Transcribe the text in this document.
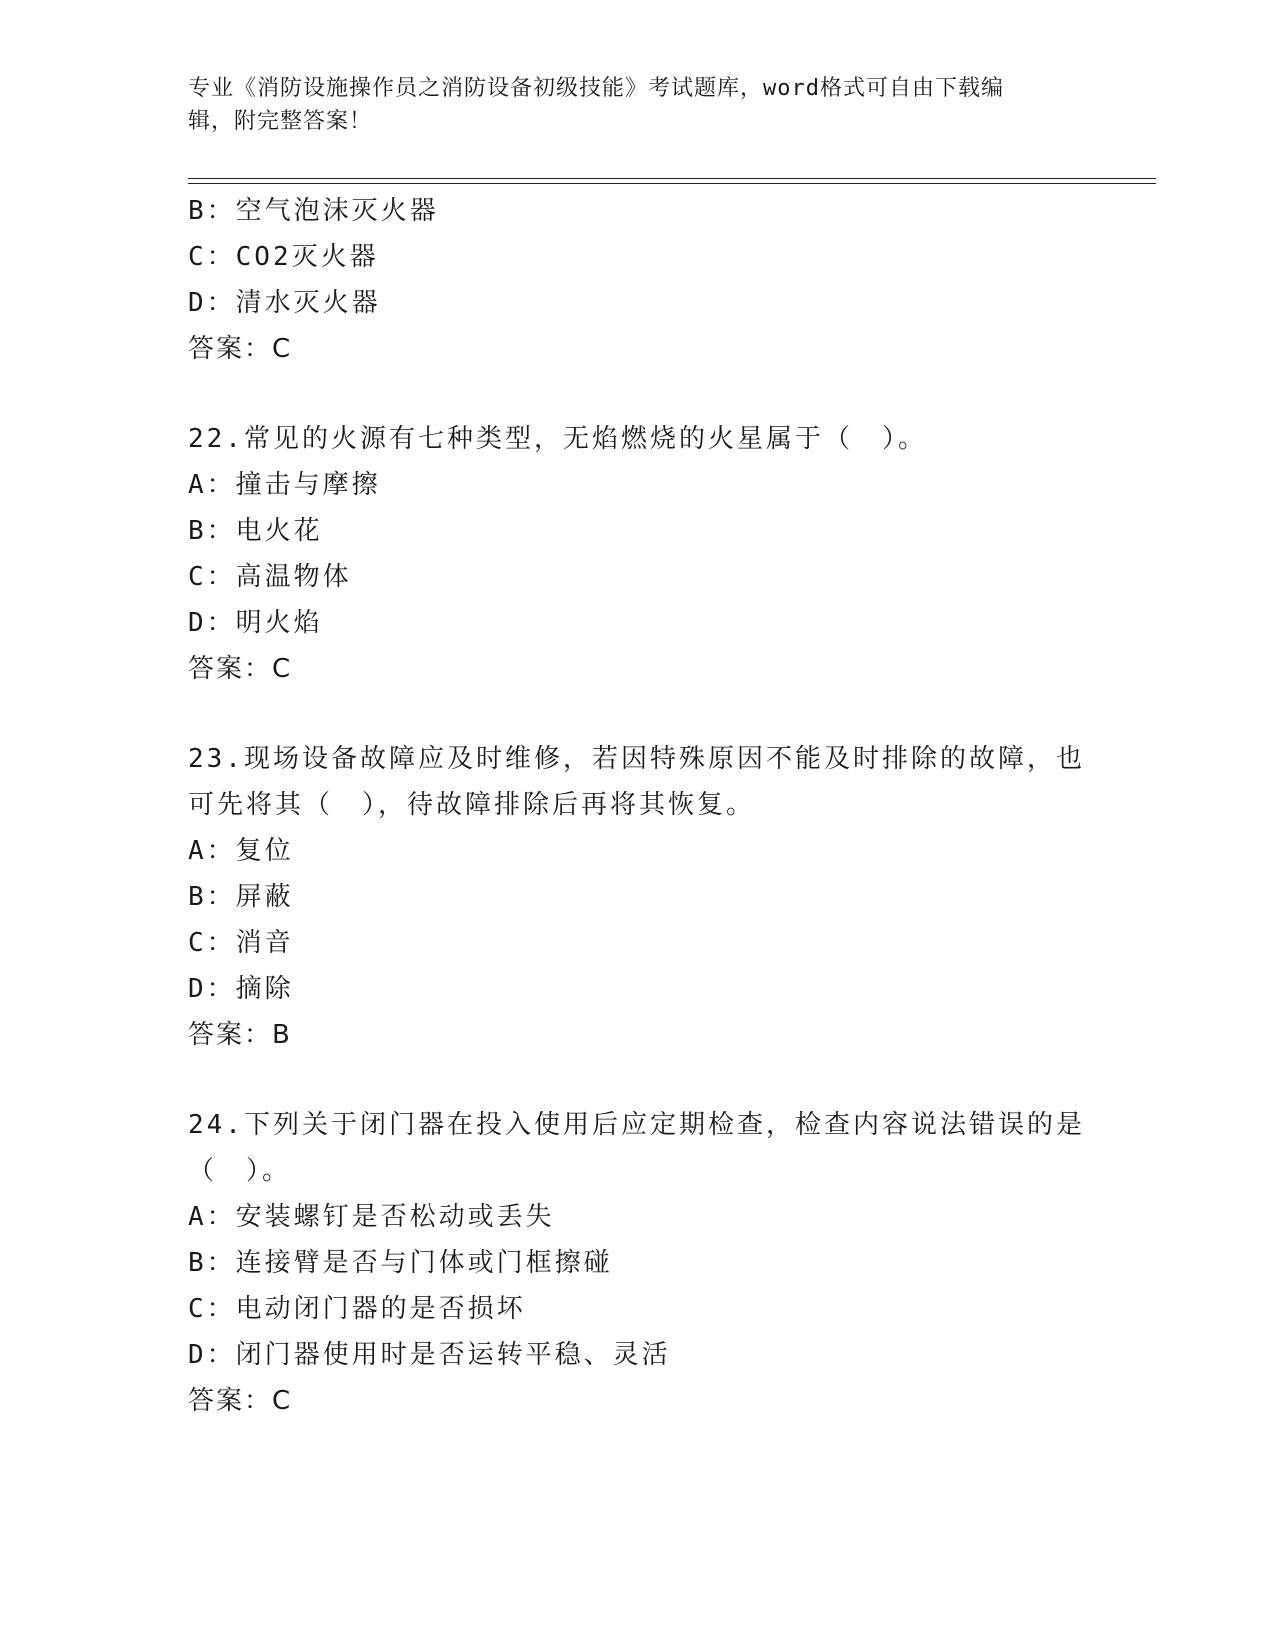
专业《消防设施操作员之消防设备初级技能》考试题库，word格式可自由下载编
辑，附完整答案！
B：空气泡沫灭火器
C：CO2灭火器
D：清水灭火器
答案：C
22.常见的火源有七种类型，无焰燃烧的火星属于（　）。
A：撞击与摩擦
B：电火花
C：高温物体
D：明火焰
答案：C
23.现场设备故障应及时维修，若因特殊原因不能及时排除的故障，也
可先将其（　），待故障排除后再将其恢复。
A：复位
B：屏蔽
C：消音
D：摘除
答案：B
24.下列关于闭门器在投入使用后应定期检查，检查内容说法错误的是
（　）。
A：安装螺钉是否松动或丢失
B：连接臂是否与门体或门框擦碰
C：电动闭门器的是否损坏
D：闭门器使用时是否运转平稳、灵活
答案：C
